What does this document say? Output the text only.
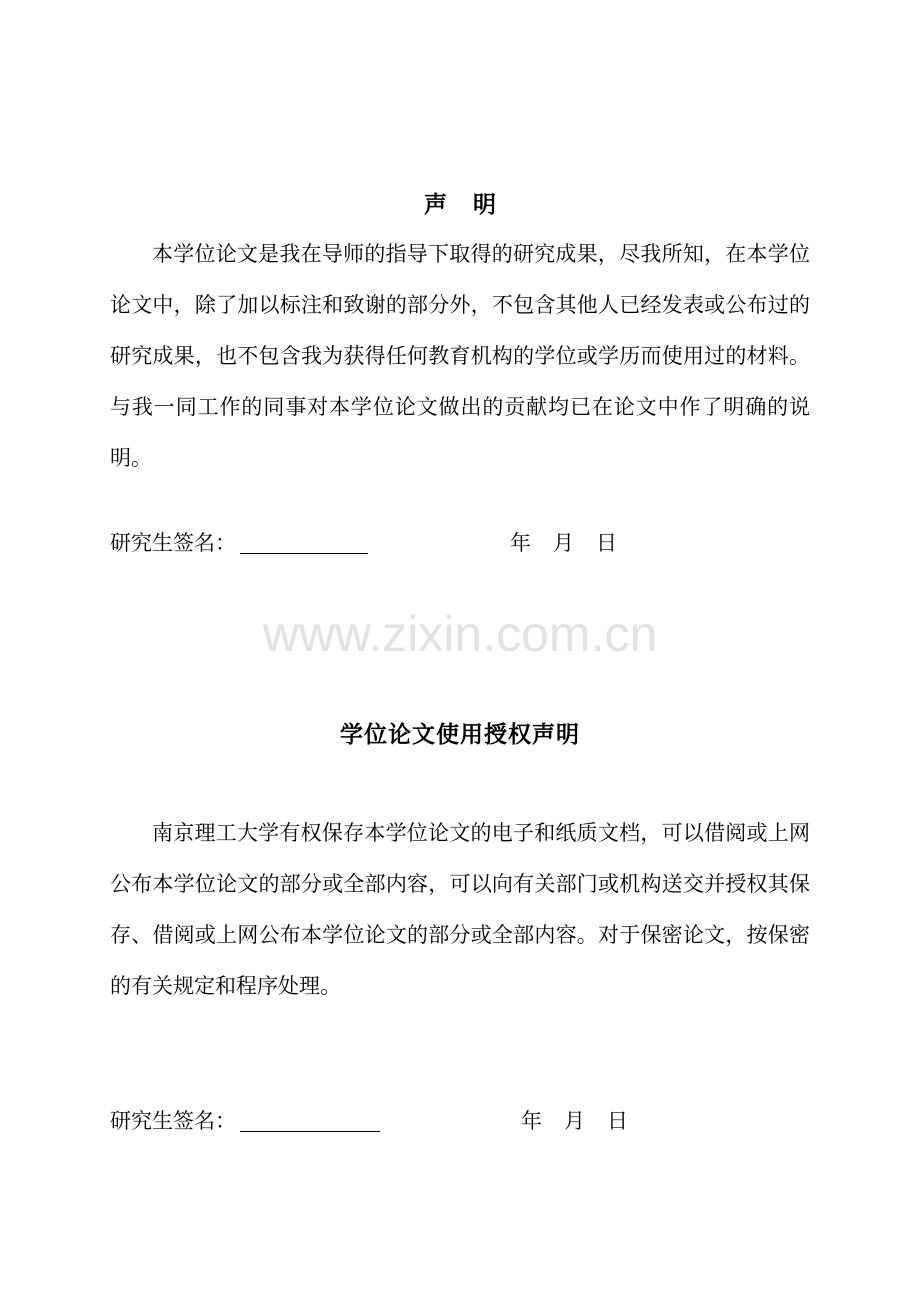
声明

本学位论文是我在导师的指导下取得的研究成果，尽我所知，在本学位论文中，除了加以标注和致谢的部分外，不包含其他人已经发表或公布过的研究成果，也不包含我为获得任何教育机构的学位或学历而使用过的材料。与我一同工作的同事对本学位论文做出的贡献均已在论文中作了明确的说明。

研究生签名：	年 月 日
www.zixin.com.cn
学位论文使用授权声明

南京理工大学有权保存本学位论文的电子和纸质文档，可以借阅或上网公布本学位论文的部分或全部内容，可以向有关部门或机构送交并授权其保存、借阅或上网公布本学位论文的部分或全部内容。对于保密论文，按保密的有关规定和程序处理。

研究生签名：	年 月 日
